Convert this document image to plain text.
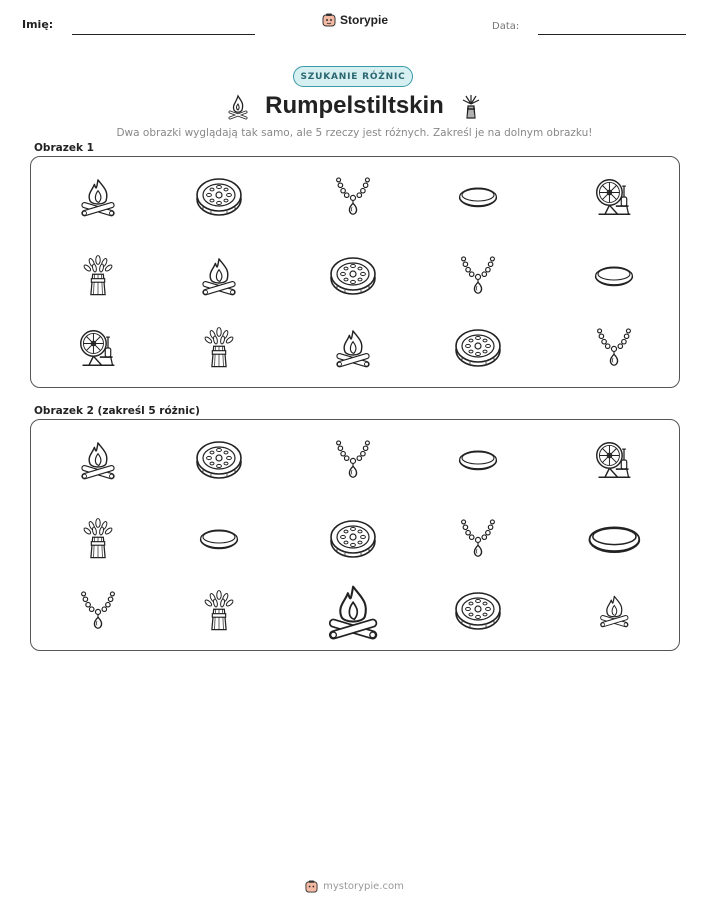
Imię:	Storypie	Data:
SZUKANIE RÓŻNIC
Rumpelstiltskin
Dwa obrazki wyglądają tak samo, ale 5 rzeczy jest różnych. Zakreśl je na dolnym obrazku!
Obrazek 1
Obrazek 2 (zakreśl 5 różnic)
mystorypie.com
